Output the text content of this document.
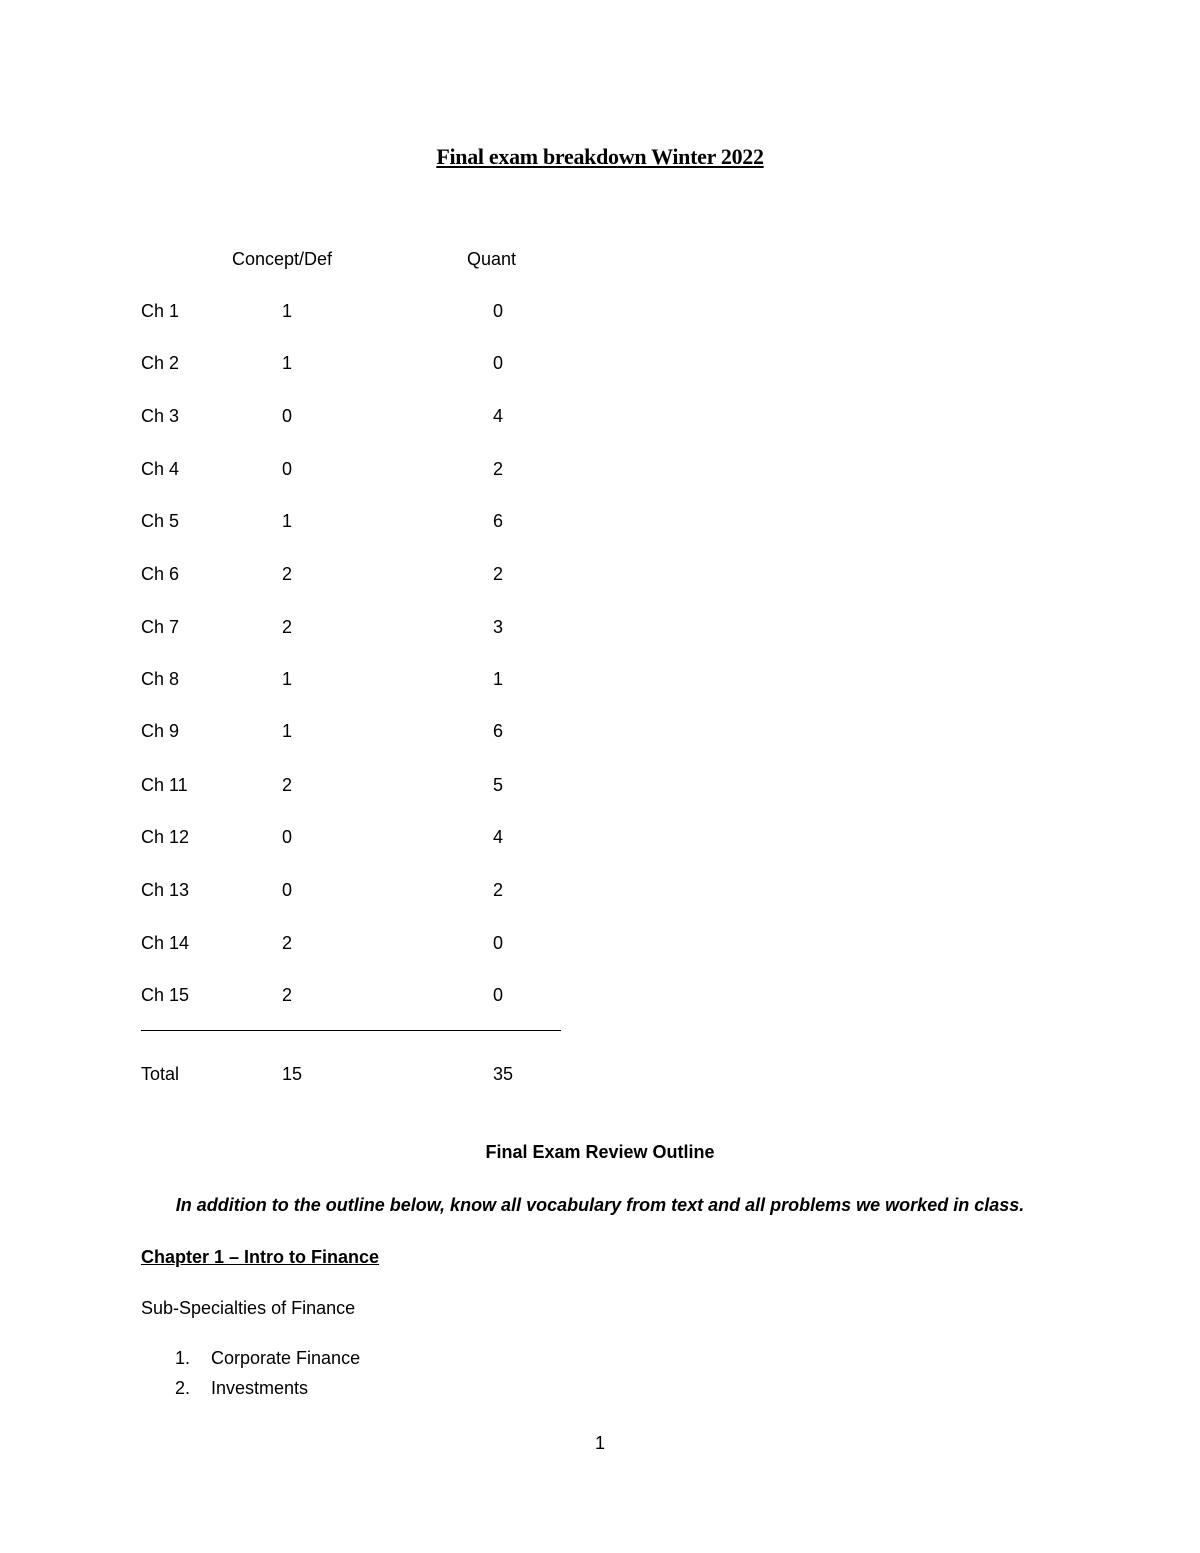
Final exam breakdown Winter 2022
Concept/Def	Quant
Ch 1	1	0
Ch 2	1	0
Ch 3	0	4
Ch 4	0	2
Ch 5	1	6
Ch 6	2	2
Ch 7	2	3
Ch 8	1	1
Ch 9	1	6
Ch 11	2	5
Ch 12	0	4
Ch 13	0	2
Ch 14	2	0
Ch 15	2	0
Total	15	35
Final Exam Review Outline
In addition to the outline below, know all vocabulary from text and all problems we worked in class.
Chapter 1 – Intro to Finance
Sub-Specialties of Finance
1. Corporate Finance
2. Investments
1
